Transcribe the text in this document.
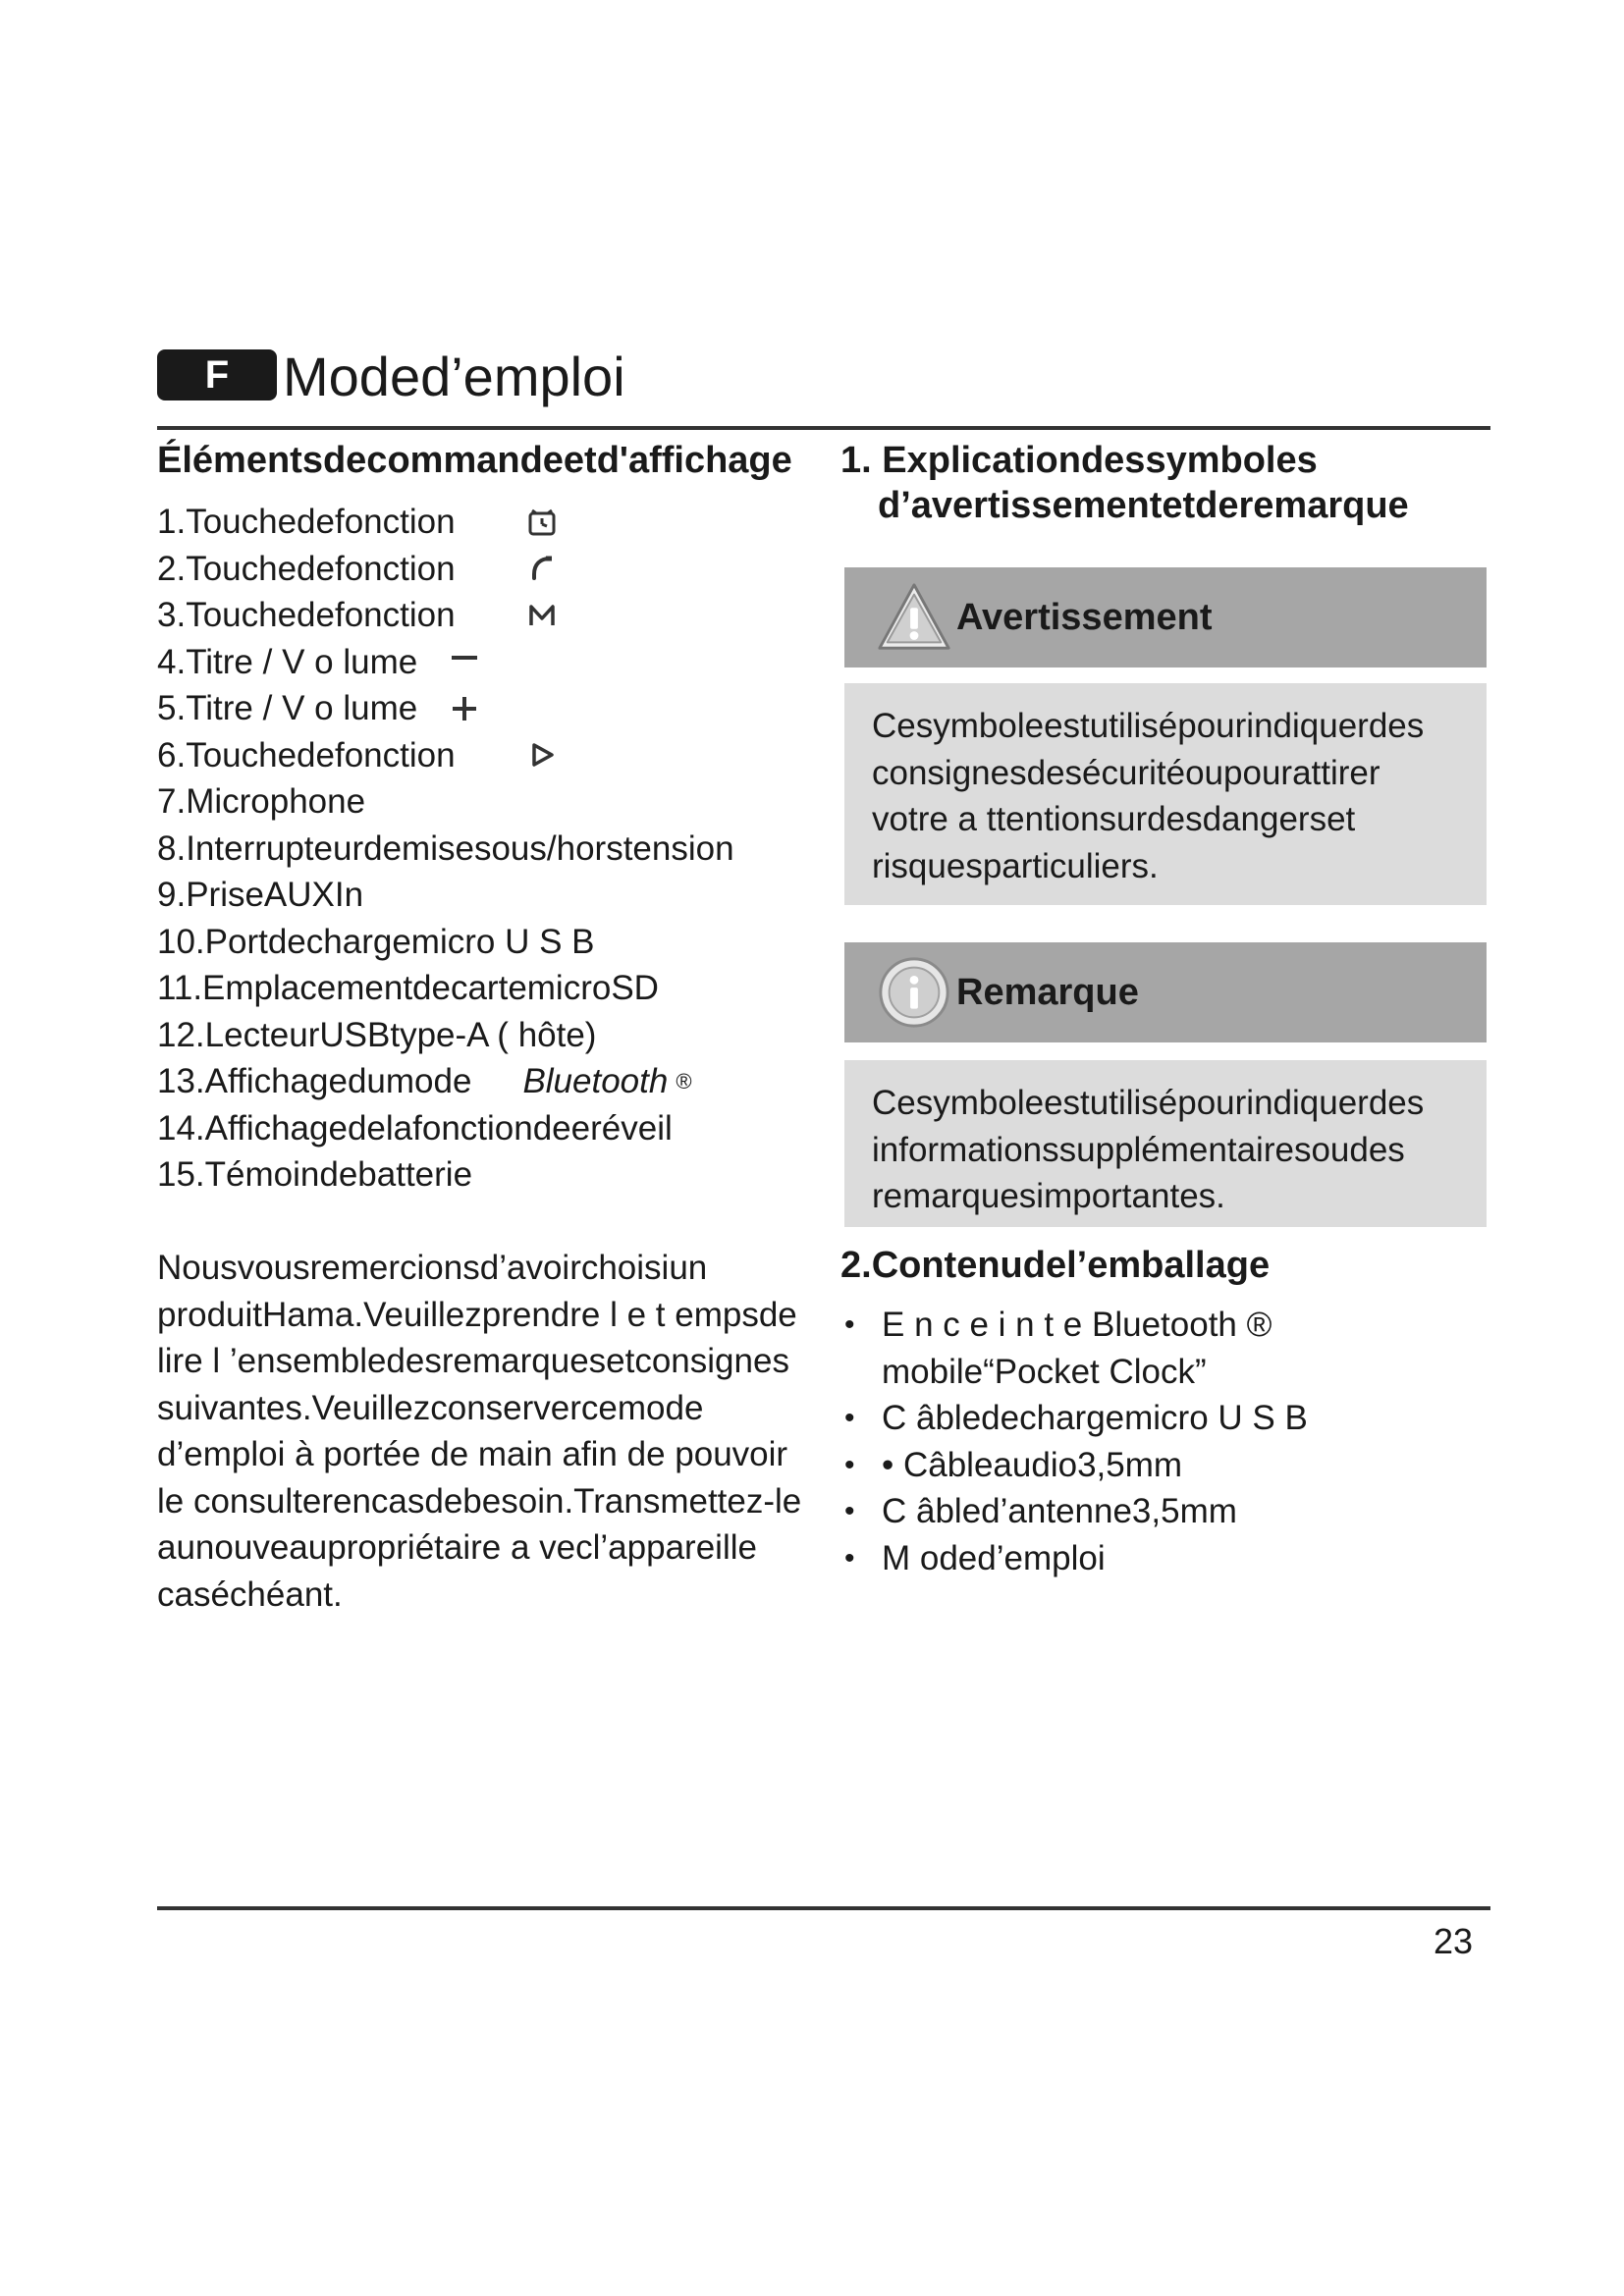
F Moded’emploi
Élémentsdecommandeetd'affichage
1.Touchedefonction
2.Touchedefonction
3.Touchedefonction
4.Titre / V o lume
5.Titre / V o lume
6.Touchedefonction
7.Microphone
8.Interrupteurdemisesous/horstension
9.PriseAUXIn
10.Portdechargemicro U S B
11.EmplacementdecartemicroSD
12.LecteurUSBtype-A ( hôte)
13.Affichagedumode Bluetooth ®
14.Affichagedelafonctiondeeréveil
15.Témoindebatterie
Nousvousremercionsd’avoirchoisiun produitHama.Veuillezprendre l e t empsde lire l ’ensembledesremarquesetconsignes suivantes.Veuillezconservercemode d’emploi à portée de main afin de pouvoir le consulterencasdebesoin.Transmettez-le aunouveaupropriétaire a vecl’appareille caséchéant.
1. Explicationdessymboles
d’avertissementetderemarque
Avertissement
Cesymboleestutilisépourindiquerdes consignesdesécuritéoupourattirer votre a ttentionsurdesdangerset risquesparticuliers.
Remarque
Cesymboleestutilisépourindiquerdes informationssupplémentairesoudes remarquesimportantes.
2.Contenudel’emballage
• E n c e i n t e Bluetooth ® mobile“Pocket Clock”
• C âbledechargemicro U S B
• • Câbleaudio3,5mm
• C âbled’antenne3,5mm
• M oded’emploi
23
